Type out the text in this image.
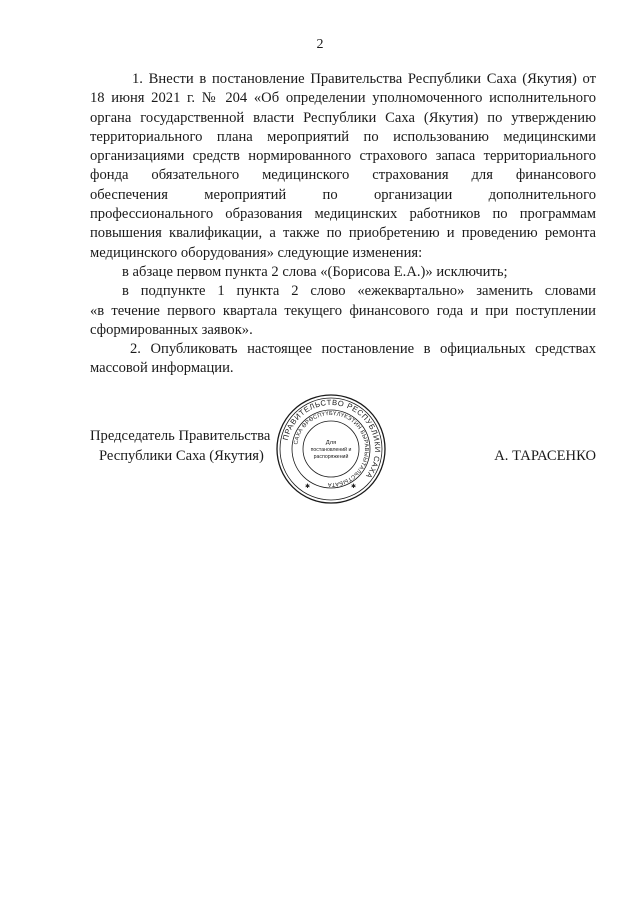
2
1. Внести в постановление Правительства Республики Саха (Якутия) от
18 июня 2021 г. № 204 «Об определении уполномоченного исполнительного
органа государственной власти Республики Саха (Якутия) по утверждению
территориального плана мероприятий по использованию медицинскими
организациями средств нормированного страхового запаса территориального
фонда обязательного медицинского страхования для финансового
обеспечения мероприятий по организации дополнительного
профессионального образования медицинских работников по программам
повышения квалификации, а также по приобретению и проведению ремонта
медицинского оборудования» следующие изменения:

в абзаце первом пункта 2 слова «(Борисова Е.А.)» исключить;

в подпункте 1 пункта 2 слово «ежеквартально» заменить словами
«в течение первого квартала текущего финансового года и при поступлении
сформированных заявок».
2. Опубликовать настоящее постановление в официальных средствах
массовой информации.
Председатель Правительства
Республики Саха (Якутия)	А. ТАРАСЕНКО
ПРАВИТЕЛЬСТВО РЕСПУБЛИКИ САХА
САХА ӨРӨСПҮҮБҮЛҮКЭТИН БЫРАВЫЫТАЛЬСТЫБАТА
Для
постановлений и
распоряжений
✱	✱
